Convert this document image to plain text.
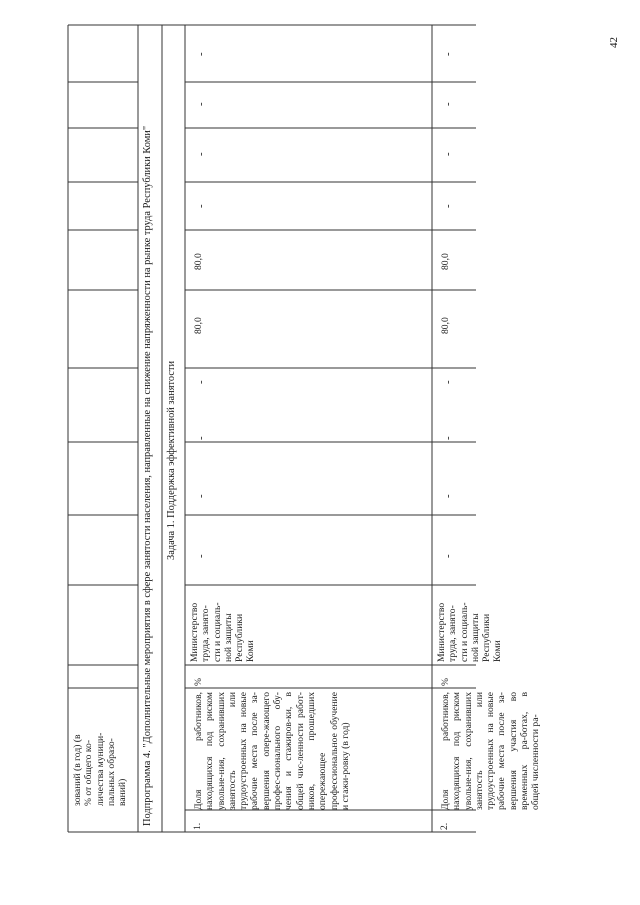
42
зований (в год) (в
% от общего ко-
личества муници-
пальных образо-
ваний)	Подпрограмма 4. "Дополнительные мероприятия в сфере занятости населения, направленные на снижение напряженности на рынке труда Республики Коми"	Задача 1. Поддержка эффективной занятости
1.
Доля работников, находящихся под риском увольне-ния, сохранивших занятость или трудоустроенных на новые рабочие места после за-вершения опере-жающего профес-сионального обу-чения и стажиров-ки, в общей чис-ленности работ-ников, прошедших опережающее профессиональное обучение и стажи-ровку (в год)
%
Министерство
труда, занято-
сти и социаль-
ной защиты
Республики
Коми
-
-
-
-
80,0
80,0
-
-
-
-
2.
Доля работников, находящихся под риском увольне-ния, сохранивших занятость или трудоустроенных на новые рабочие места после за-вершения участия во временных ра-ботах, в общей численности ра-
%
Министерство
труда, занято-
сти и социаль-
ной защиты
Республики
Коми
-
-
-
-
80,0
80,0
-
-
-
-
